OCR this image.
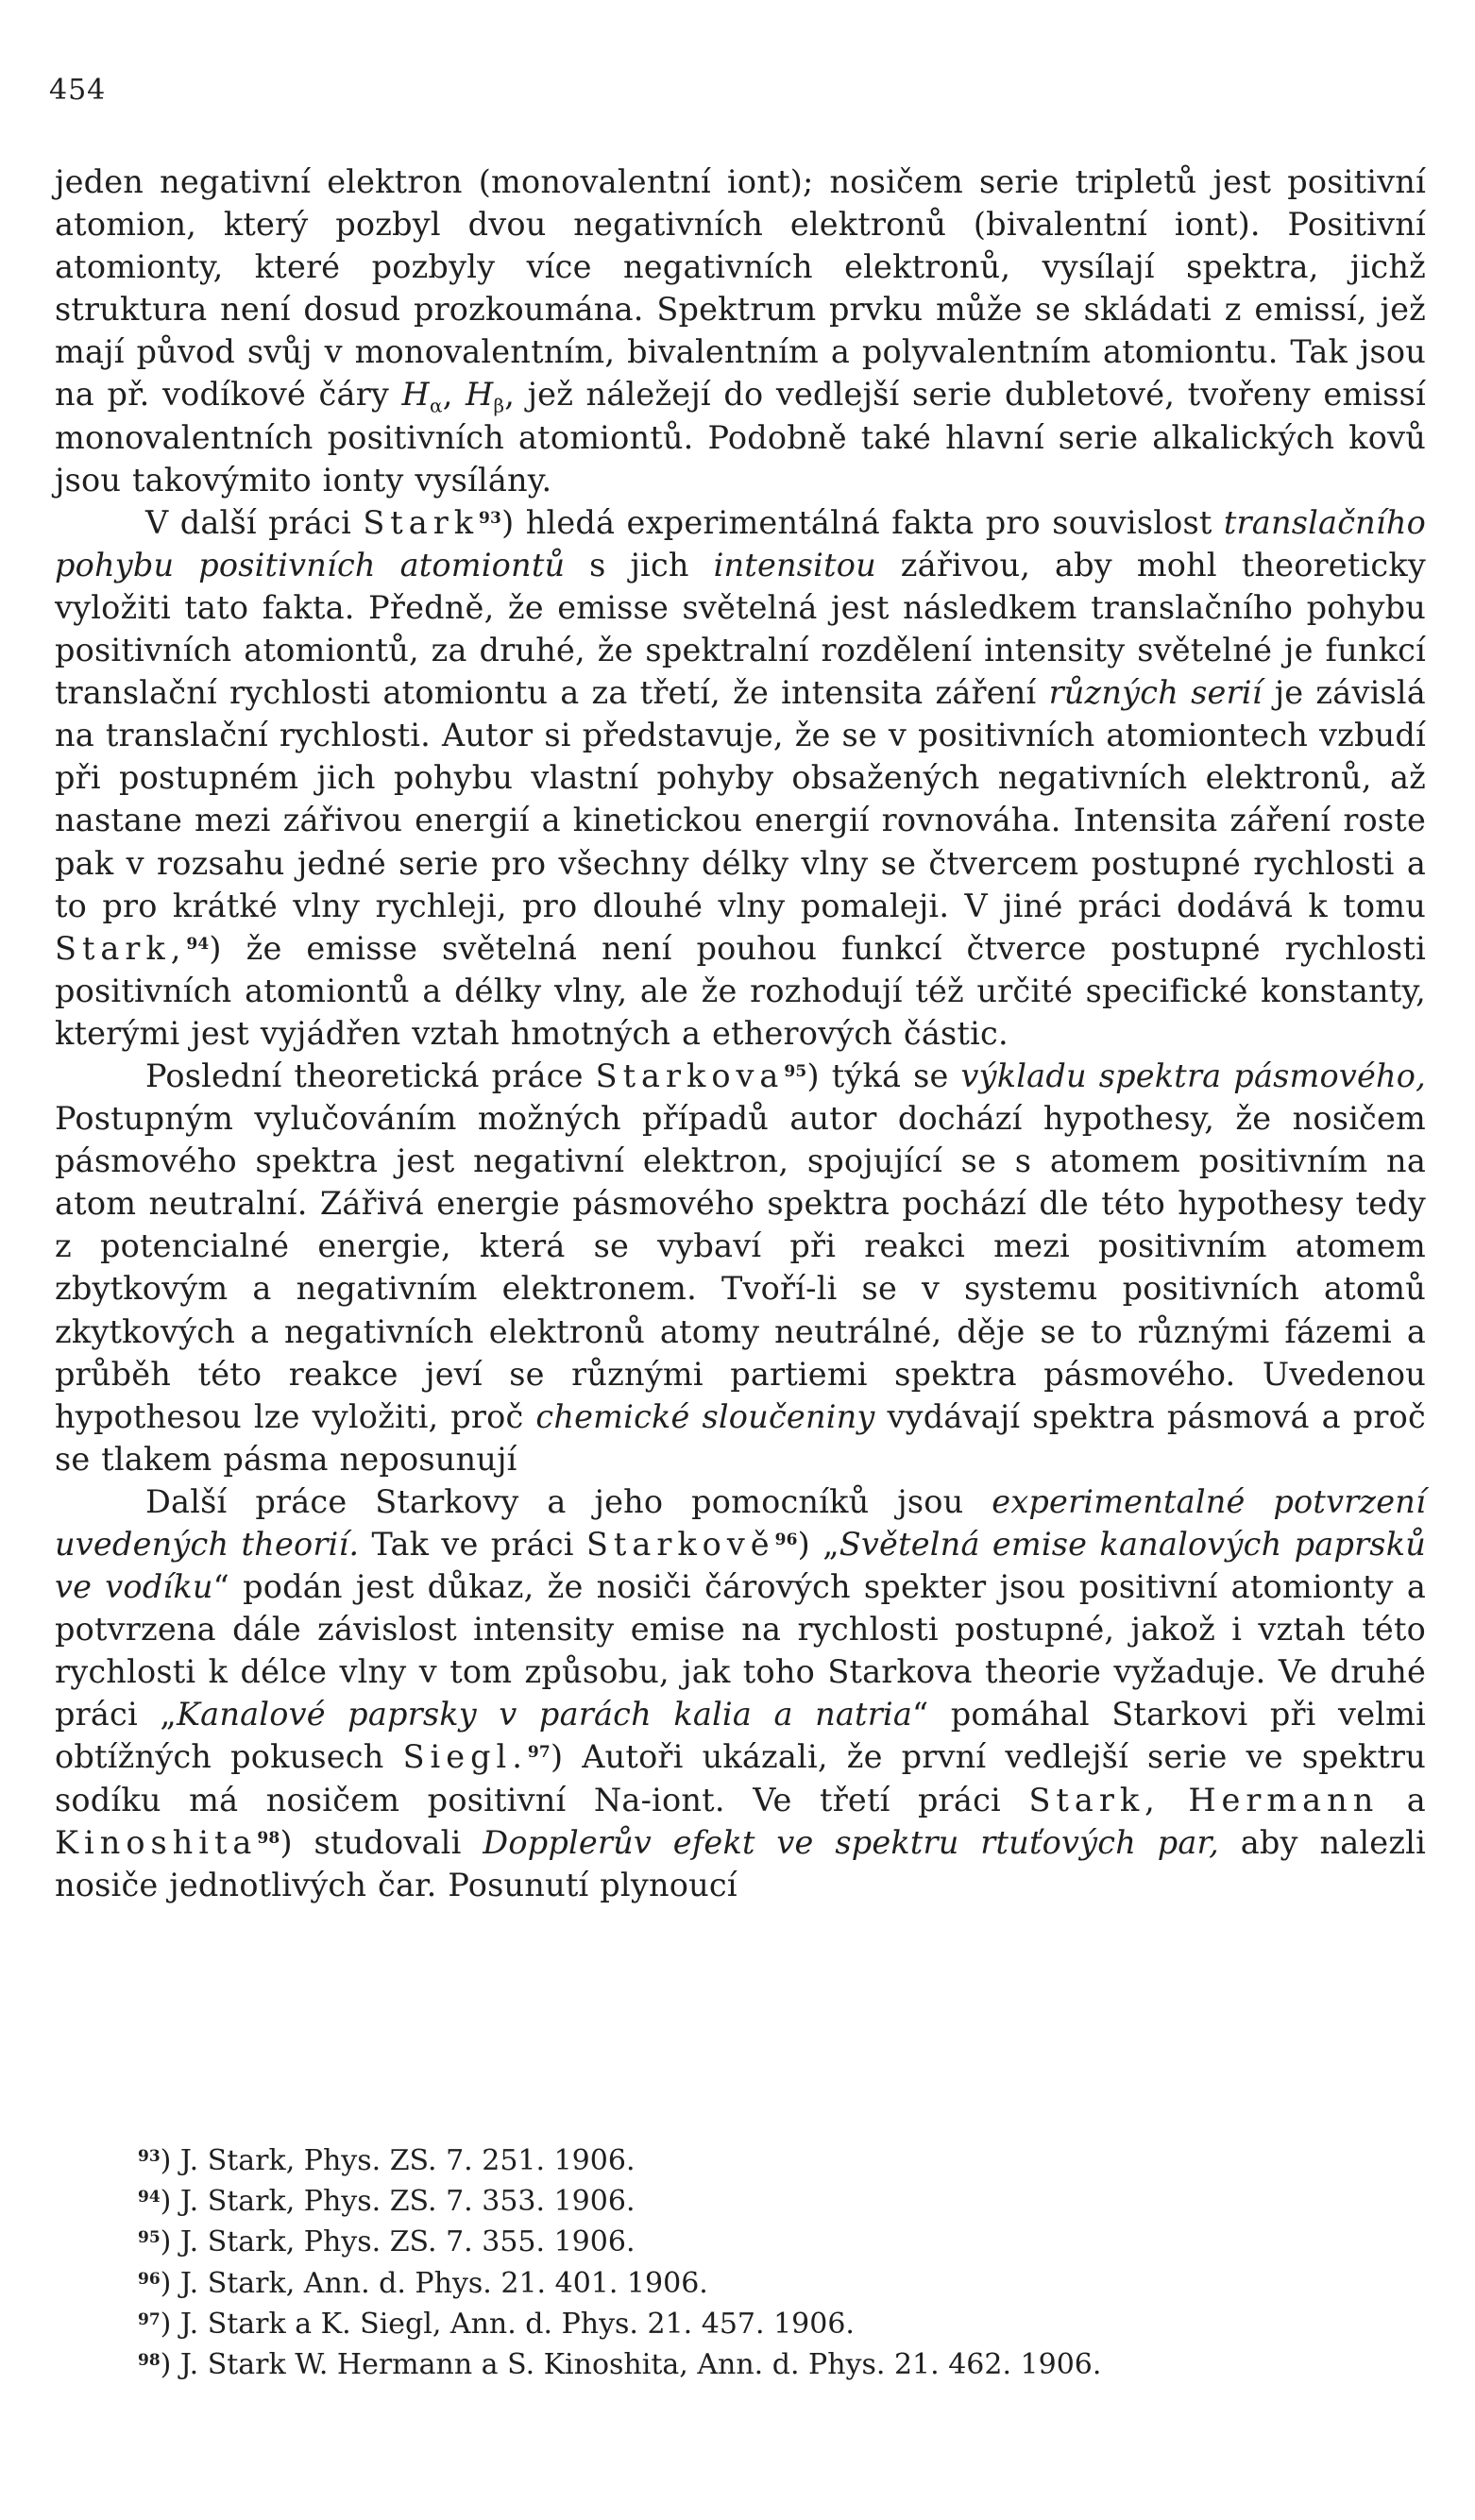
454

jeden negativní elektron (monovalentní iont); nosičem serie tripletů jest positivní atomion, který pozbyl dvou negativních elektronů (bivalentní iont). Positivní atomionty, které pozbyly více negativních elektronů, vysílají spektra, jichž struktura není dosud prozkoumána. Spektrum prvku může se skládati z emissí, jež mají původ svůj v monovalentním, bivalentním a polyvalentním atomiontu. Tak jsou na př. vodíkové čáry $H_\alpha$, $H_\beta$, jež náležejí do vedlejší serie dubletové, tvořeny emissí monovalentních positivních atomiontů. Podobně také hlavní serie alkalických kovů jsou takovýmito ionty vysílány.

V další práci Stark$^{93}$) hledá experimentálná fakta pro souvislost translačního pohybu positivních atomiontů s jich intensitou zářivou, aby mohl theoreticky vyložiti tato fakta. Předně, že emisse světelná jest následkem translačního pohybu positivních atomiontů, za druhé, že spektralní rozdělení intensity světelné je funkcí translační rychlosti atomiontu a za třetí, že intensita záření různých serií je závislá na translační rychlosti. Autor si představuje, že se v positivních atomiontech vzbudí při postupném jich pohybu vlastní pohyby obsažených negativních elektronů, až nastane mezi zářivou energií a kinetickou energií rovnováha. Intensita záření roste pak v rozsahu jedné serie pro všechny délky vlny se čtvercem postupné rychlosti a to pro krátké vlny rychleji, pro dlouhé vlny pomaleji. V jiné práci dodává k tomu Stark,$^{94}$) že emisse světelná není pouhou funkcí čtverce postupné rychlosti positivních atomiontů a délky vlny, ale že rozhodují též určité specifické konstanty, kterými jest vyjádřen vztah hmotných a etherových částic.

Poslední theoretická práce Starkova$^{95}$) týká se výkladu spektra pásmového, Postupným vylučováním možných případů autor dochází hypothesy, že nosičem pásmového spektra jest negativní elektron, spojující se s atomem positivním na atom neutralní. Zářivá energie pásmového spektra pochází dle této hypothesy tedy z potencialné energie, která se vybaví při reakci mezi positivním atomem zbytkovým a negativním elektronem. Tvoří-li se v systemu positivních atomů zkytkových a negativních elektronů atomy neutrálné, děje se to různými fázemi a průběh této reakce jeví se různými partiemi spektra pásmového. Uvedenou hypothesou lze vyložiti, proč chemické sloučeniny vydávají spektra pásmová a proč se tlakem pásma neposunují

Další práce Starkovy a jeho pomocníků jsou experimentalné potvrzení uvedených theorií. Tak ve práci Starkově$^{96}$) „Světelná emise kanalových paprsků ve vodíku“ podán jest důkaz, že nosiči čárových spekter jsou positivní atomionty a potvrzena dále závislost intensity emise na rychlosti postupné, jakož i vztah této rychlosti k délce vlny v tom způsobu, jak toho Starkova theorie vyžaduje. Ve druhé práci „Kanalové paprsky v parách kalia a natria“ pomáhal Starkovi při velmi obtížných pokusech Siegl.$^{97}$) Autoři ukázali, že první vedlejší serie ve spektru sodíku má nosičem positivní Na-iont. Ve třetí práci Stark, Hermann a Kinoshita$^{98}$) studovali Dopplerův efekt ve spektru rtuťových par, aby nalezli nosiče jednotlivých čar. Posunutí plynoucí

$^{93}$) J. Stark, Phys. ZS. 7. 251. 1906.

$^{94}$) J. Stark, Phys. ZS. 7. 353. 1906.

$^{95}$) J. Stark, Phys. ZS. 7. 355. 1906.

$^{96}$) J. Stark, Ann. d. Phys. 21. 401. 1906.

$^{97}$) J. Stark a K. Siegl, Ann. d. Phys. 21. 457. 1906.

$^{98}$) J. Stark W. Hermann a S. Kinoshita, Ann. d. Phys. 21. 462. 1906.
